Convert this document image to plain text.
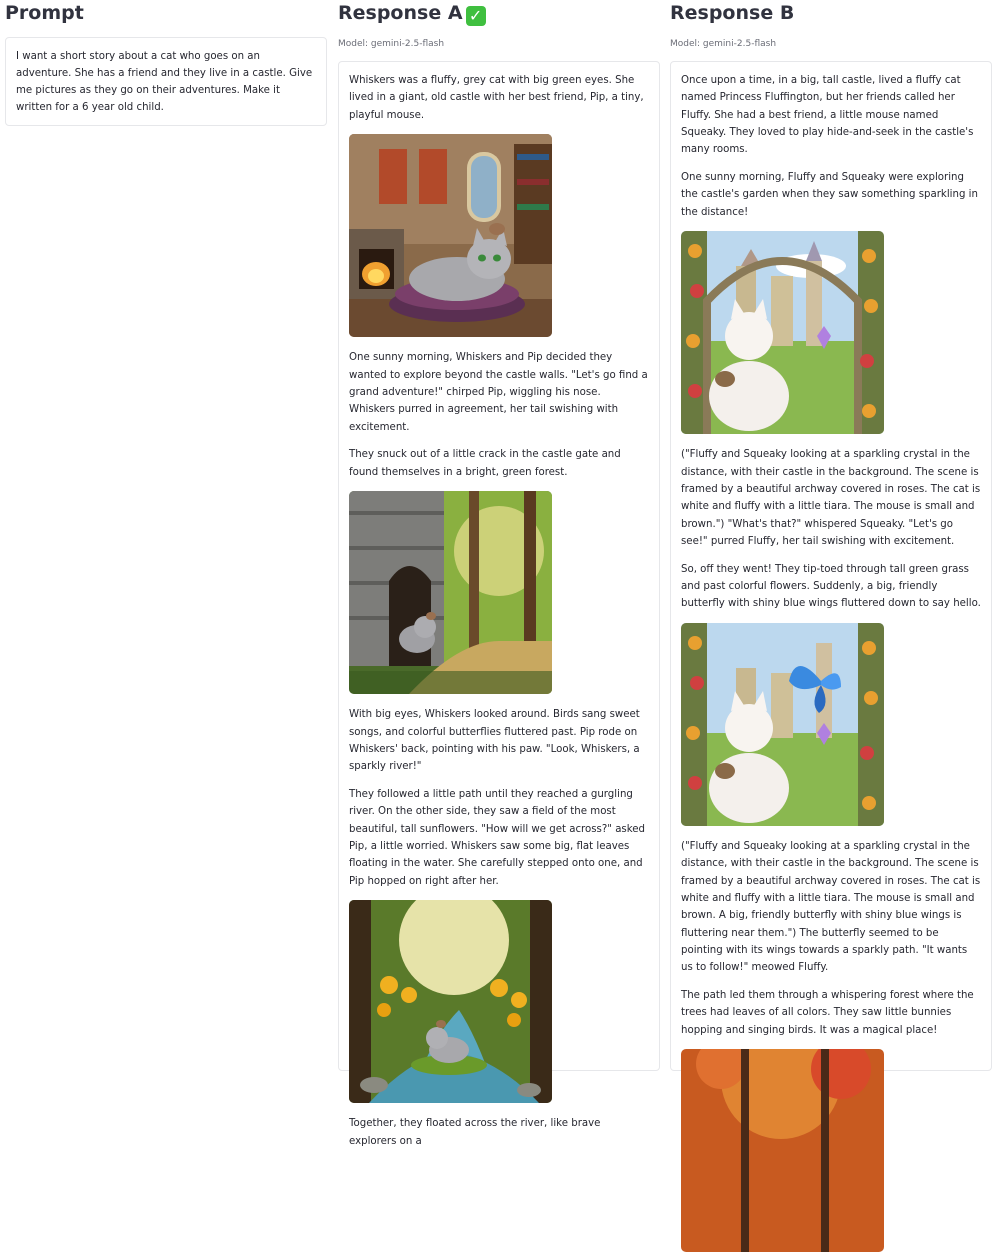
Prompt
I want a short story about a cat who goes on an adventure. She has a friend and they live in a castle. Give me pictures as they go on their adventures. Make it written for a 6 year old child.
Response A ✓
Model: gemini-2.5-flash

Whiskers was a fluffy, grey cat with big green eyes. She lived in a giant, old castle with her best friend, Pip, a tiny, playful mouse.

One sunny morning, Whiskers and Pip decided they wanted to explore beyond the castle walls. "Let's go find a grand adventure!" chirped Pip, wiggling his nose. Whiskers purred in agreement, her tail swishing with excitement.

They snuck out of a little crack in the castle gate and found themselves in a bright, green forest.

With big eyes, Whiskers looked around. Birds sang sweet songs, and colorful butterflies fluttered past. Pip rode on Whiskers' back, pointing with his paw. "Look, Whiskers, a sparkly river!"

They followed a little path until they reached a gurgling river. On the other side, they saw a field of the most beautiful, tall sunflowers. "How will we get across?" asked Pip, a little worried. Whiskers saw some big, flat leaves floating in the water. She carefully stepped onto one, and Pip hopped on right after her.

Together, they floated across the river, like brave explorers on a

Response B
Model: gemini-2.5-flash

Once upon a time, in a big, tall castle, lived a fluffy cat named Princess Fluffington, but her friends called her Fluffy. She had a best friend, a little mouse named Squeaky. They loved to play hide-and-seek in the castle's many rooms.

One sunny morning, Fluffy and Squeaky were exploring the castle's garden when they saw something sparkling in the distance!

("Fluffy and Squeaky looking at a sparkling crystal in the distance, with their castle in the background. The scene is framed by a beautiful archway covered in roses. The cat is white and fluffy with a little tiara. The mouse is small and brown.") "What's that?" whispered Squeaky. "Let's go see!" purred Fluffy, her tail swishing with excitement.

So, off they went! They tip-toed through tall green grass and past colorful flowers. Suddenly, a big, friendly butterfly with shiny blue wings fluttered down to say hello.

("Fluffy and Squeaky looking at a sparkling crystal in the distance, with their castle in the background. The scene is framed by a beautiful archway covered in roses. The cat is white and fluffy with a little tiara. The mouse is small and brown. A big, friendly butterfly with shiny blue wings is fluttering near them.") The butterfly seemed to be pointing with its wings towards a sparkly path. "It wants us to follow!" meowed Fluffy.

The path led them through a whispering forest where the trees had leaves of all colors. They saw little bunnies hopping and singing birds. It was a magical place!
